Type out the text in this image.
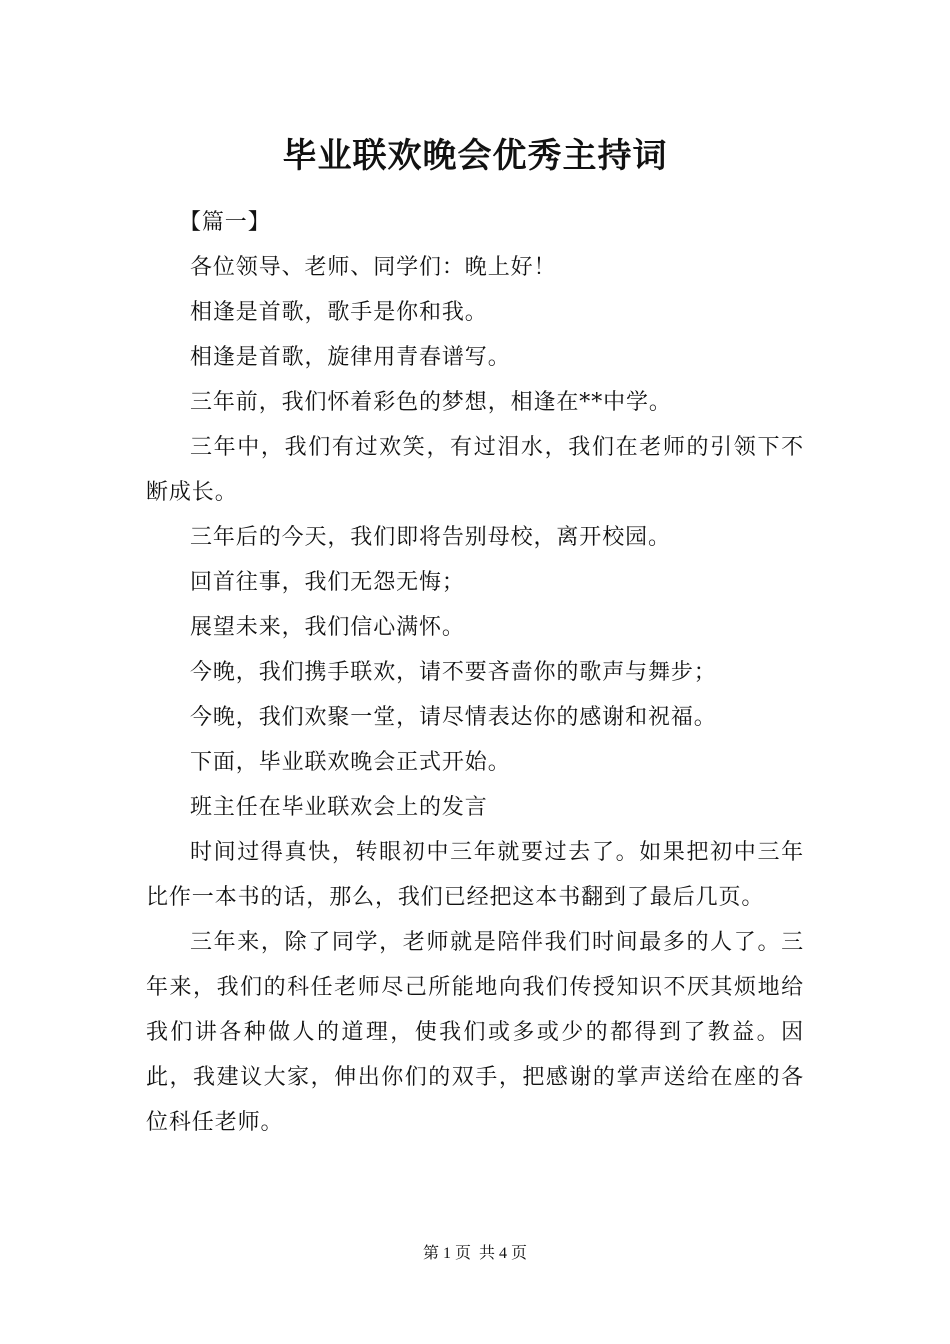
毕业联欢晚会优秀主持词

【篇一】

各位领导、老师、同学们：晚上好！

相逢是首歌，歌手是你和我。

相逢是首歌，旋律用青春谱写。

三年前，我们怀着彩色的梦想，相逢在**中学。

三年中，我们有过欢笑，有过泪水，我们在老师的引领下不断成长。

三年后的今天，我们即将告别母校，离开校园。

回首往事，我们无怨无悔；

展望未来，我们信心满怀。

今晚，我们携手联欢，请不要吝啬你的歌声与舞步；

今晚，我们欢聚一堂，请尽情表达你的感谢和祝福。

下面，毕业联欢晚会正式开始。

班主任在毕业联欢会上的发言

时间过得真快，转眼初中三年就要过去了。如果把初中三年比作一本书的话，那么，我们已经把这本书翻到了最后几页。

三年来，除了同学，老师就是陪伴我们时间最多的人了。三年来，我们的科任老师尽己所能地向我们传授知识不厌其烦地给我们讲各种做人的道理，使我们或多或少的都得到了教益。因此，我建议大家，伸出你们的双手，把感谢的掌声送给在座的各位科任老师。

第 1 页 共 4 页
